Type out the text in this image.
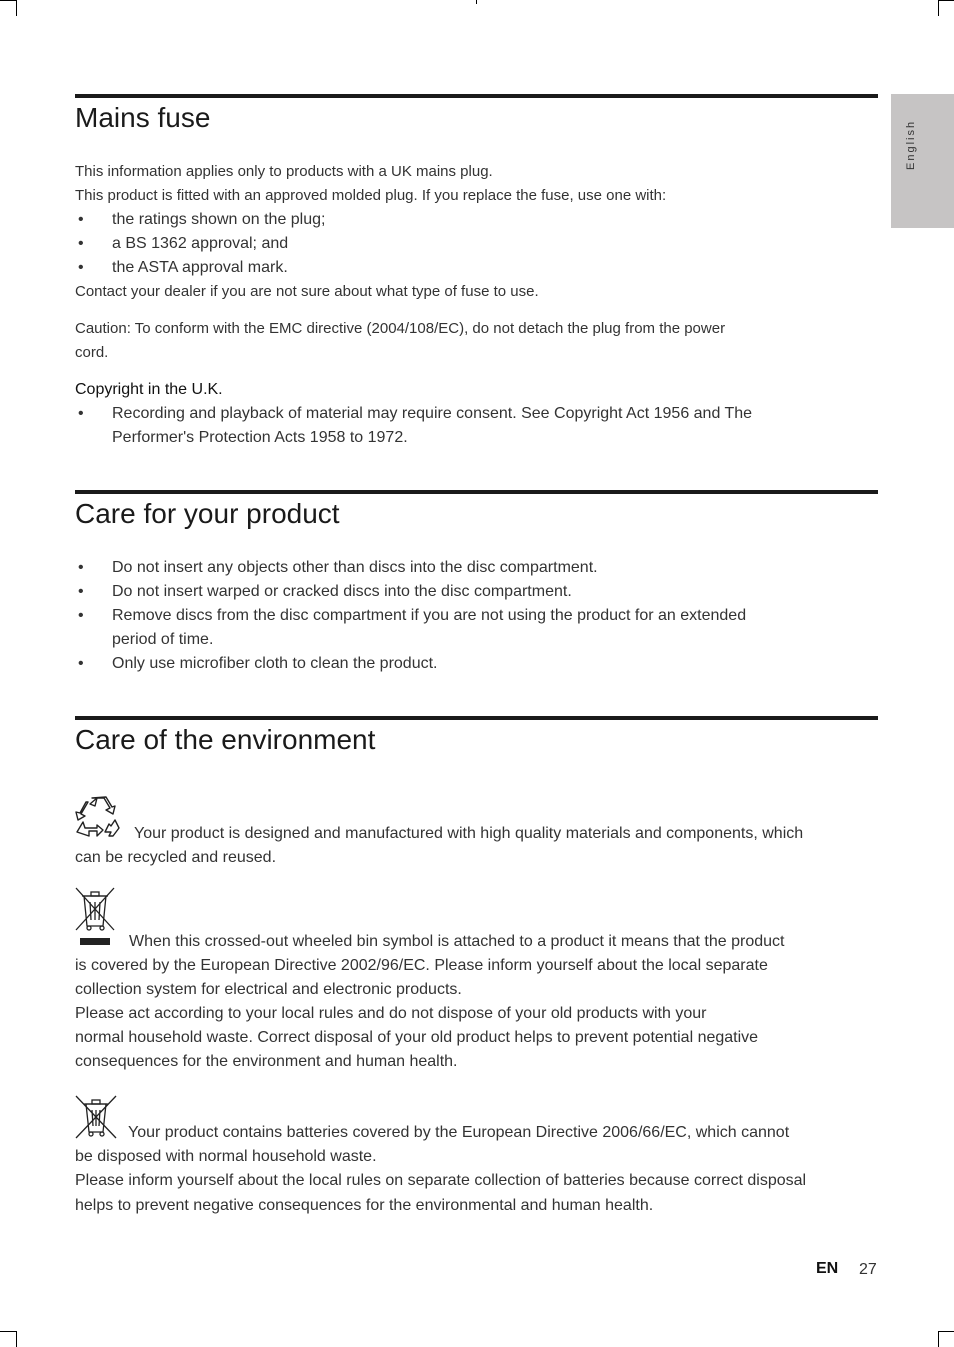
English
Mains fuse

This information applies only to products with a UK mains plug.

This product is fitted with an approved molded plug. If you replace the fuse, use one with:

• the ratings shown on the plug;
• a BS 1362 approval; and
• the ASTA approval mark.

Contact your dealer if you are not sure about what type of fuse to use.

Caution: To conform with the EMC directive (2004/108/EC), do not detach the plug from the power

cord.

Copyright in the U.K.
• Recording and playback of material may require consent. See Copyright Act 1956 and The
Performer's Protection Acts 1958 to 1972.
Care for your product
• Do not insert any objects other than discs into the disc compartment.
• Do not insert warped or cracked discs into the disc compartment.
• Remove discs from the disc compartment if you are not using the product for an extended
period of time.
• Only use microfiber cloth to clean the product.
Care of the environment

Your product is designed and manufactured with high quality materials and components, which

can be recycled and reused.

When this crossed-out wheeled bin symbol is attached to a product it means that the product

is covered by the European Directive 2002/96/EC. Please inform yourself about the local separate

collection system for electrical and electronic products.

Please act according to your local rules and do not dispose of your old products with your

normal household waste. Correct disposal of your old product helps to prevent potential negative

consequences for the environment and human health.

Your product contains batteries covered by the European Directive 2006/66/EC, which cannot

be disposed with normal household waste.

Please inform yourself about the local rules on separate collection of batteries because correct disposal

helps to prevent negative consequences for the environmental and human health.

EN 27
